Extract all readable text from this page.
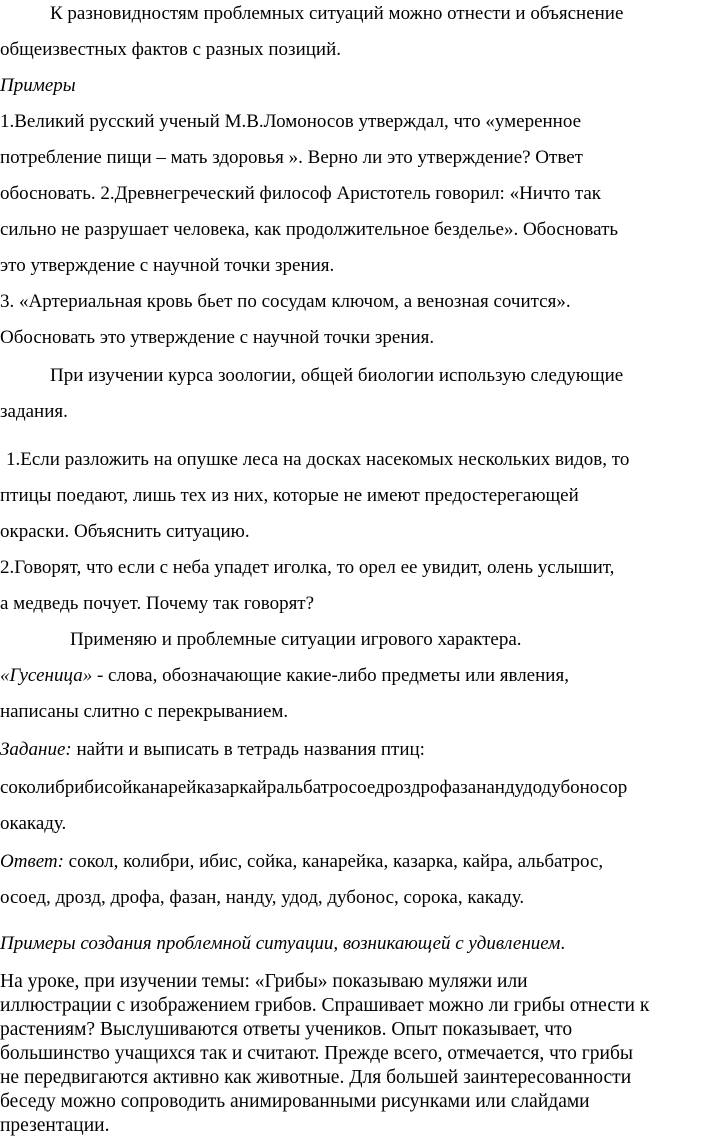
К разновидностям проблемных ситуаций можно отнести и объяснение
общеизвестных фактов с разных позиций.
Примеры
1.Великий русский ученый М.В.Ломоносов утверждал, что «умеренное
потребление пищи – мать здоровья ». Верно ли это утверждение? Ответ
обосновать. 2.Древнегреческий философ Аристотель говорил: «Ничто так
сильно не разрушает человека, как продолжительное безделье». Обосновать
это утверждение с научной точки зрения.
3. «Артериальная кровь бьет по сосудам ключом, а венозная сочится».
Обосновать это утверждение с научной точки зрения.
При изучении курса зоологии, общей биологии использую следующие
задания.
1.Если разложить на опушке леса на досках насекомых нескольких видов, то
птицы поедают, лишь тех из них, которые не имеют предостерегающей
окраски. Объяснить ситуацию.
2.Говорят, что если с неба упадет иголка, то орел ее увидит, олень услышит,
а медведь почует. Почему так говорят?
Применяю и проблемные ситуации игрового характера.
«Гусеница» - слова, обозначающие какие-либо предметы или явления,
написаны слитно с перекрыванием.
Задание: найти и выписать в тетрадь названия птиц:
соколибрибисойканарейказаркайральбатросоедроздрофазанандудодубоносор
окакаду.
Ответ: сокол, колибри, ибис, сойка, канарейка, казарка, кайра, альбатрос,
осоед, дрозд, дрофа, фазан, нанду, удод, дубонос, сорока, какаду.
Примеры создания проблемной ситуации, возникающей с удивлением.
На уроке, при изучении темы: «Грибы» показываю муляжи или
иллюстрации с изображением грибов. Спрашивает можно ли грибы отнести к
растениям? Выслушиваются ответы учеников. Опыт показывает, что
большинство учащихся так и считают. Прежде всего, отмечается, что грибы
не передвигаются активно как животные. Для большей заинтересованности
беседу можно сопроводить анимированными рисунками или слайдами
презентации.
